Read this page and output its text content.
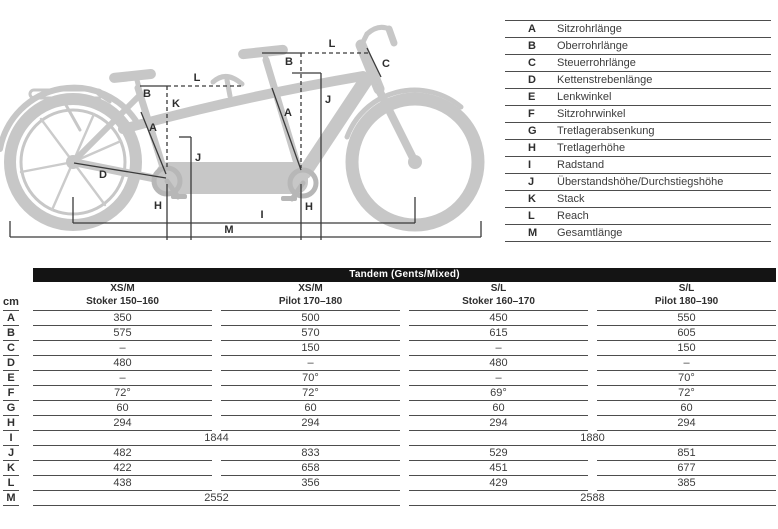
B
L
K
A
J
H
D
B
L
C
A
J
H
I
M
A	Sitzrohrlänge
B	Oberrohrlänge
C	Steuerrohrlänge
D	Kettenstrebenlänge
E	Lenkwinkel
F	Sitzrohrwinkel
G	Tretlagerabsenkung
H	Tretlagerhöhe
I	Radstand
J	Überstandshöhe/Durchstiegshöhe
K	Stack
L	Reach
M	Gesamtlänge
Tandem (Gents/Mixed)
cm
XS/M
Stoker 150–160
XS/M
Pilot 170–180
S/L
Stoker 160–170
S/L
Pilot 180–190
A	350	500	450	550
B	575	570	615	605
C	–	150	–	150
D	480	–	480	–
E	–	70°	–	70°
F	72°	72°	69°	72°
G	60	60	60	60
H	294	294	294	294
I	1844	1880
J	482	833	529	851
K	422	658	451	677
L	438	356	429	385
M	2552	2588
